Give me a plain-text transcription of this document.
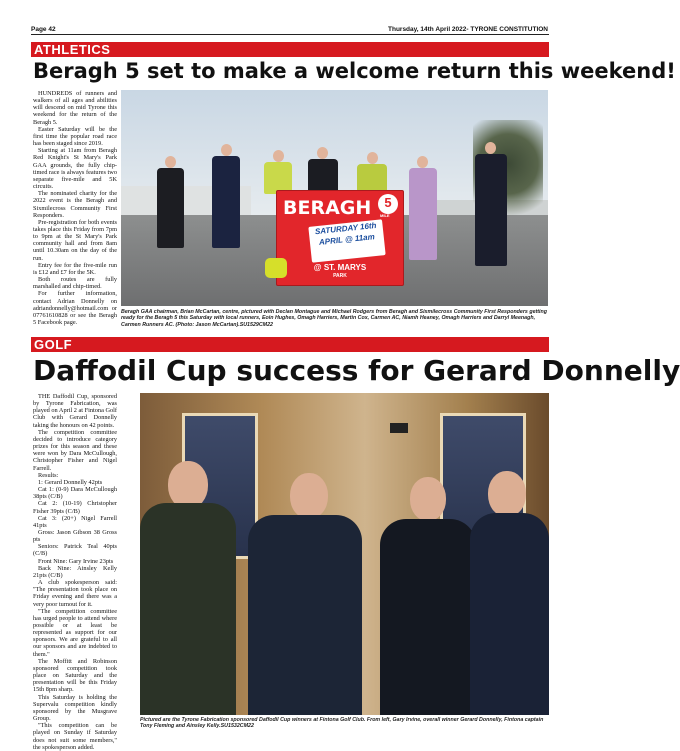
Page 42	Thursday, 14th April 2022- TYRONE CONSTITUTION
ATHLETICS
Beragh 5 set to make a welcome return this weekend!

HUNDREDS of runners and walkers of all ages and abilities will descend on mid Tyrone this weekend for the return of the Beragh 5.

Easter Saturday will be the first time the popular road race has been staged since 2019.

Starting at 11am from Beragh Red Knight's St Mary's Park GAA grounds, the fully chip-timed race is always features two separate five-mile and 5K circuits.

The nominated charity for the 2022 event is the Beragh and Sixmilecross Community First Responders.

Pre-registration for both events takes place this Friday from 7pm to 9pm at the St Mary's Park community hall and from 8am until 10.30am on the day of the run.

Entry fee for the five-mile run is £12 and £7 for the 5K.

Both routes are fully marshalled and chip-timed.

For further information, contact Adrian Donnelly on adriandonnelly@hotmail.com or 07761610828 or see the Beragh 5 Facebook page.

BERAGH	5
MILE
SATURDAY 16th
APRIL @ 11am
@ ST. MARYS
PARK
Beragh GAA chairman, Brian McCartan, centre, pictured with Declan Montague and Michael Rodgers from Beragh and Sixmilecross Community First Responders getting ready for the Beragh 5 this Saturday with local runners, Eoin Hughes, Omagh Harriers, Martin Cox, Carmen AC, Niamh Heaney, Omagh Harriers and Darryl Meenagh, Carmen Runners AC. (Photo: Jason McCartan).SU1529CM22
GOLF
Daffodil Cup success for Gerard Donnelly

THE Daffodil Cup, sponsored by Tyrone Fabrication, was played on April 2 at Fintona Golf Club with Gerard Donnelly taking the honours on 42 points.

The competition committee decided to introduce category prizes for this season and these were won by Dara McCullough, Christopher Fisher and Nigel Farrell.

Results:

1: Gerard Donnelly 42pts

Cat 1: (0-9) Dara McCullough 38pts (C/B)

Cat 2: (10-19) Christopher Fisher 39pts (C/B)

Cat 3: (20+) Nigel Farrell 41pts

Gross: Jason Gibson 38 Gross pts

Seniors: Patrick Teal 40pts (C/B)

Front Nine: Gary Irvine 23pts

Back Nine: Ainsley Kelly 21pts (C/B)

A club spokesperson said: "The presentation took place on Friday evening and there was a very poor turnout for it.

"The competition committee has urged people to attend where possible or at least be represented as support for our sponsors. We are grateful to all our sponsors and are indebted to them."

The Moffitt and Robinson sponsored competition took place on Saturday and the presentation will be this Friday 15th 8pm sharp.

This Saturday is holding the Supervalu competition kindly sponsored by the Musgrave Group.

"This competition can be played on Sunday if Saturday does not suit some members," the spokesperson added.

Pictured are the Tyrone Fabrication sponsored Daffodil Cup winners at Fintona Golf Club. From left, Gary Irvine, overall winner Gerard Donnelly, Fintona captain Tony Fleming and Ainsley Kelly.SU1532CM22
